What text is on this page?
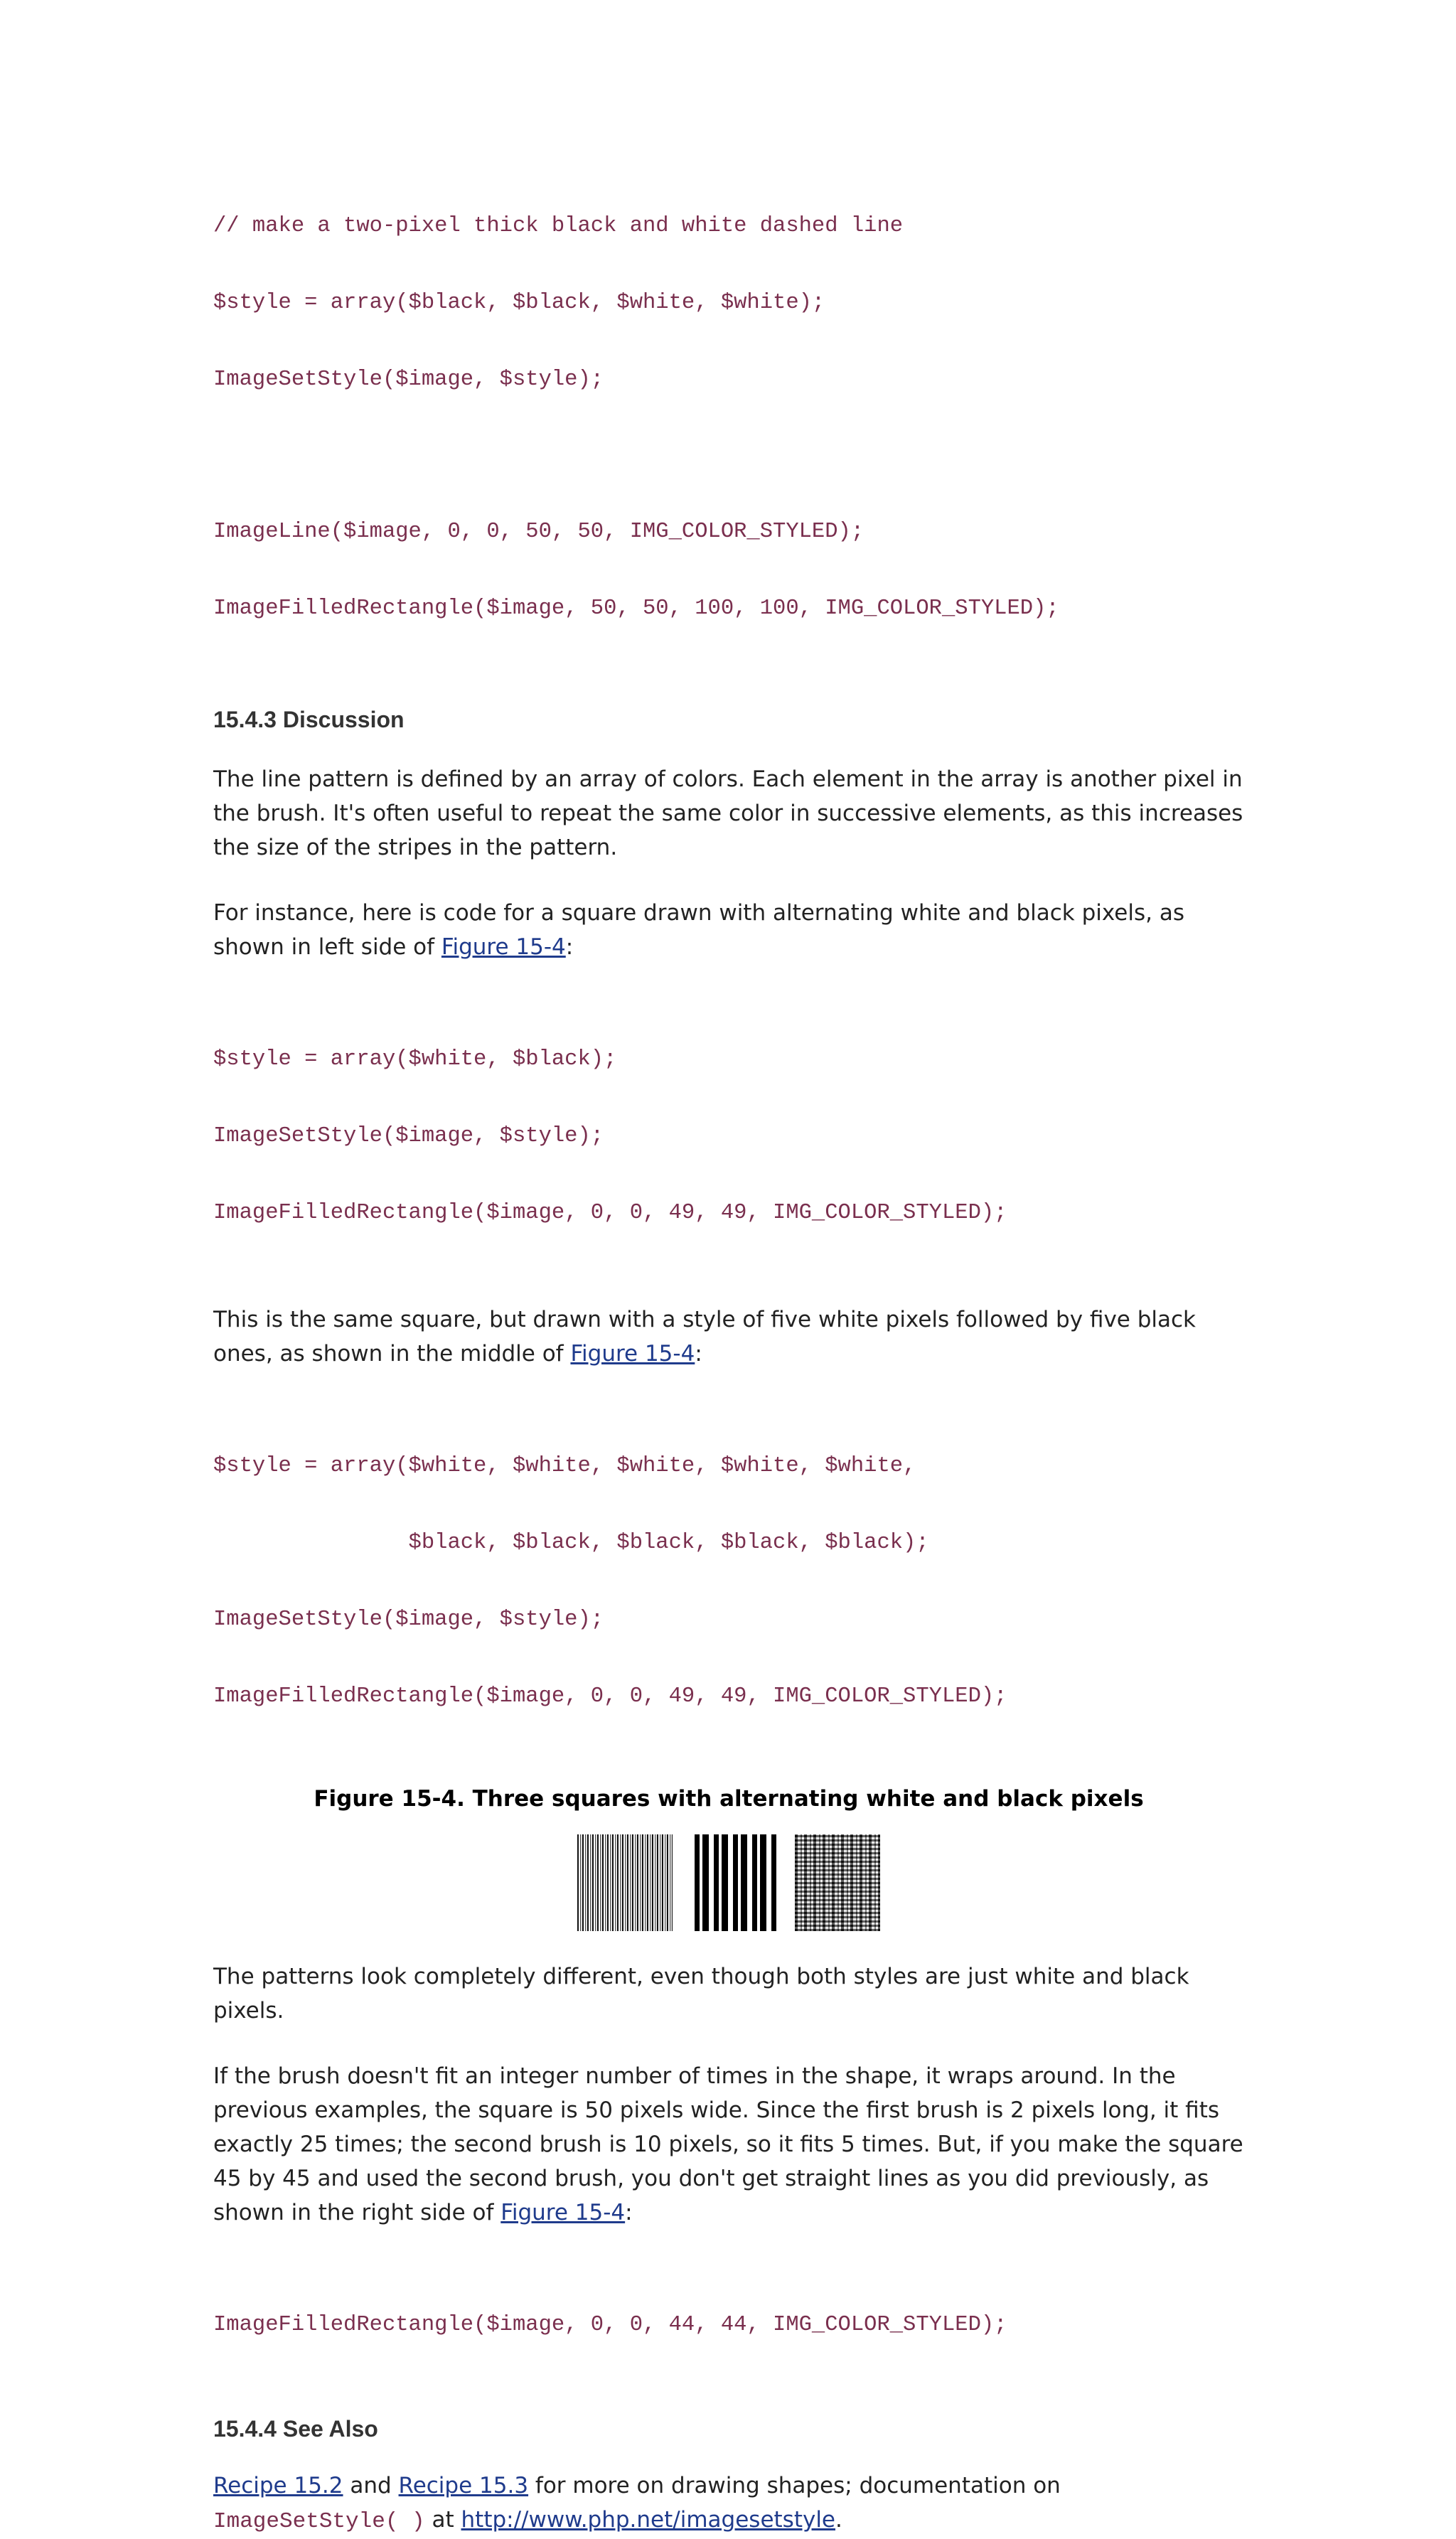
// make a two-pixel thick black and white dashed line

$style = array($black, $black, $white, $white);

ImageSetStyle($image, $style);

ImageLine($image, 0, 0, 50, 50, IMG_COLOR_STYLED);

ImageFilledRectangle($image, 50, 50, 100, 100, IMG_COLOR_STYLED);

15.4.3 Discussion

The line pattern is defined by an array of colors. Each element in the array is another pixel in the brush. It's often useful to repeat the same color in successive elements, as this increases the size of the stripes in the pattern.

For instance, here is code for a square drawn with alternating white and black pixels, as shown in left side of Figure 15-4:

$style = array($white, $black);

ImageSetStyle($image, $style);

ImageFilledRectangle($image, 0, 0, 49, 49, IMG_COLOR_STYLED);

This is the same square, but drawn with a style of five white pixels followed by five black ones, as shown in the middle of Figure 15-4:

$style = array($white, $white, $white, $white, $white,

$black, $black, $black, $black, $black);

ImageSetStyle($image, $style);

ImageFilledRectangle($image, 0, 0, 49, 49, IMG_COLOR_STYLED);

Figure 15-4. Three squares with alternating white and black pixels

The patterns look completely different, even though both styles are just white and black pixels.

If the brush doesn't fit an integer number of times in the shape, it wraps around. In the previous examples, the square is 50 pixels wide. Since the first brush is 2 pixels long, it fits exactly 25 times; the second brush is 10 pixels, so it fits 5 times. But, if you make the square 45 by 45 and used the second brush, you don't get straight lines as you did previously, as shown in the right side of Figure 15-4:

ImageFilledRectangle($image, 0, 0, 44, 44, IMG_COLOR_STYLED);

15.4.4 See Also

Recipe 15.2 and Recipe 15.3 for more on drawing shapes; documentation on
ImageSetStyle( ) at http://www.php.net/imagesetstyle.
